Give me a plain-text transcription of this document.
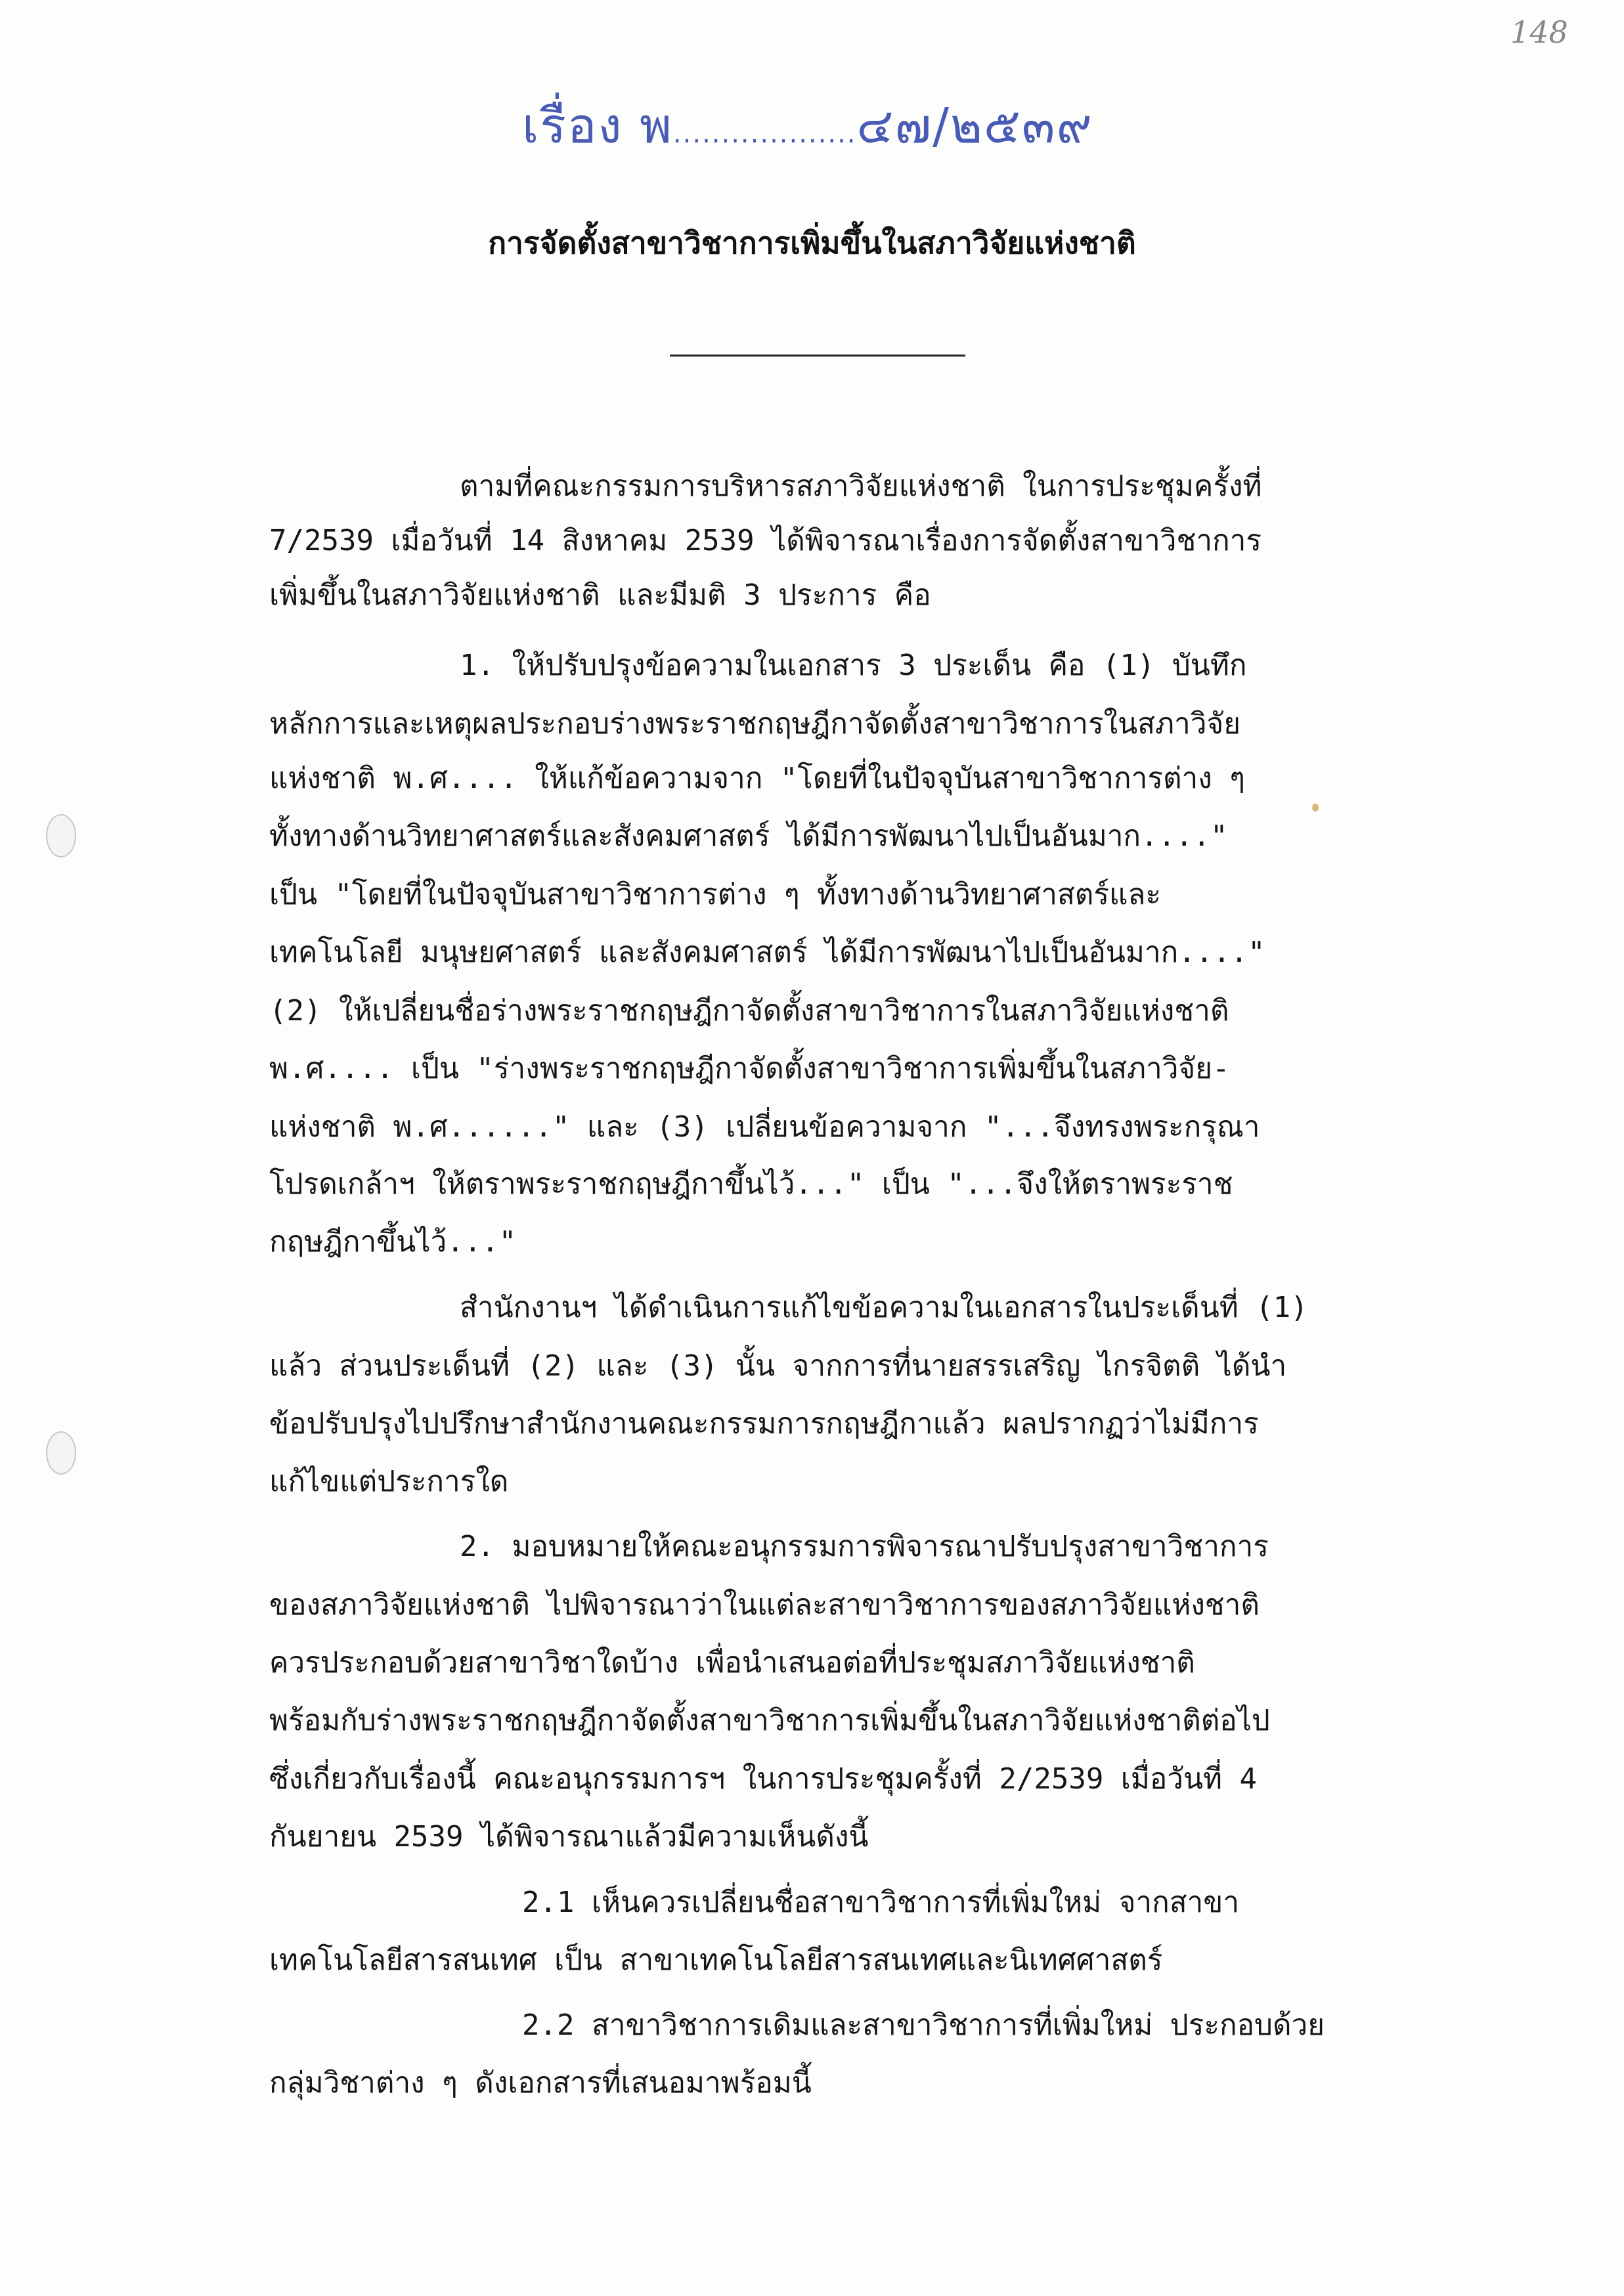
148
เรื่อง พ...................๔๗/๒๕๓๙
การจัดตั้งสาขาวิชาการเพิ่มขึ้นในสภาวิจัยแห่งชาติ
ตามที่คณะกรรมการบริหารสภาวิจัยแห่งชาติ ในการประชุมครั้งที่
7/2539 เมื่อวันที่ 14 สิงหาคม 2539 ได้พิจารณาเรื่องการจัดตั้งสาขาวิชาการ
เพิ่มขึ้นในสภาวิจัยแห่งชาติ และมีมติ 3 ประการ คือ
1. ให้ปรับปรุงข้อความในเอกสาร 3 ประเด็น คือ (1) บันทึก
หลักการและเหตุผลประกอบร่างพระราชกฤษฎีกาจัดตั้งสาขาวิชาการในสภาวิจัย
แห่งชาติ พ.ศ.... ให้แก้ข้อความจาก "โดยที่ในปัจจุบันสาขาวิชาการต่าง ๆ
ทั้งทางด้านวิทยาศาสตร์และสังคมศาสตร์ ได้มีการพัฒนาไปเป็นอันมาก...."
เป็น "โดยที่ในปัจจุบันสาขาวิชาการต่าง ๆ ทั้งทางด้านวิทยาศาสตร์และ
เทคโนโลยี มนุษยศาสตร์ และสังคมศาสตร์ ได้มีการพัฒนาไปเป็นอันมาก...."
(2) ให้เปลี่ยนชื่อร่างพระราชกฤษฎีกาจัดตั้งสาขาวิชาการในสภาวิจัยแห่งชาติ
พ.ศ.... เป็น "ร่างพระราชกฤษฎีกาจัดตั้งสาขาวิชาการเพิ่มขึ้นในสภาวิจัย-
แห่งชาติ พ.ศ......" และ (3) เปลี่ยนข้อความจาก "...จึงทรงพระกรุณา
โปรดเกล้าฯ ให้ตราพระราชกฤษฎีกาขึ้นไว้..." เป็น "...จึงให้ตราพระราช
กฤษฎีกาขึ้นไว้..."
สำนักงานฯ ได้ดำเนินการแก้ไขข้อความในเอกสารในประเด็นที่ (1)
แล้ว ส่วนประเด็นที่ (2) และ (3) นั้น จากการที่นายสรรเสริญ ไกรจิตติ ได้นำ
ข้อปรับปรุงไปปรึกษาสำนักงานคณะกรรมการกฤษฎีกาแล้ว ผลปรากฏว่าไม่มีการ
แก้ไขแต่ประการใด
2. มอบหมายให้คณะอนุกรรมการพิจารณาปรับปรุงสาขาวิชาการ
ของสภาวิจัยแห่งชาติ ไปพิจารณาว่าในแต่ละสาขาวิชาการของสภาวิจัยแห่งชาติ
ควรประกอบด้วยสาขาวิชาใดบ้าง เพื่อนำเสนอต่อที่ประชุมสภาวิจัยแห่งชาติ
พร้อมกับร่างพระราชกฤษฎีกาจัดตั้งสาขาวิชาการเพิ่มขึ้นในสภาวิจัยแห่งชาติต่อไป
ซึ่งเกี่ยวกับเรื่องนี้ คณะอนุกรรมการฯ ในการประชุมครั้งที่ 2/2539 เมื่อวันที่ 4
กันยายน 2539 ได้พิจารณาแล้วมีความเห็นดังนี้
2.1 เห็นควรเปลี่ยนชื่อสาขาวิชาการที่เพิ่มใหม่ จากสาขา
เทคโนโลยีสารสนเทศ เป็น สาขาเทคโนโลยีสารสนเทศและนิเทศศาสตร์
2.2 สาขาวิชาการเดิมและสาขาวิชาการที่เพิ่มใหม่ ประกอบด้วย
กลุ่มวิชาต่าง ๆ ดังเอกสารที่เสนอมาพร้อมนี้
